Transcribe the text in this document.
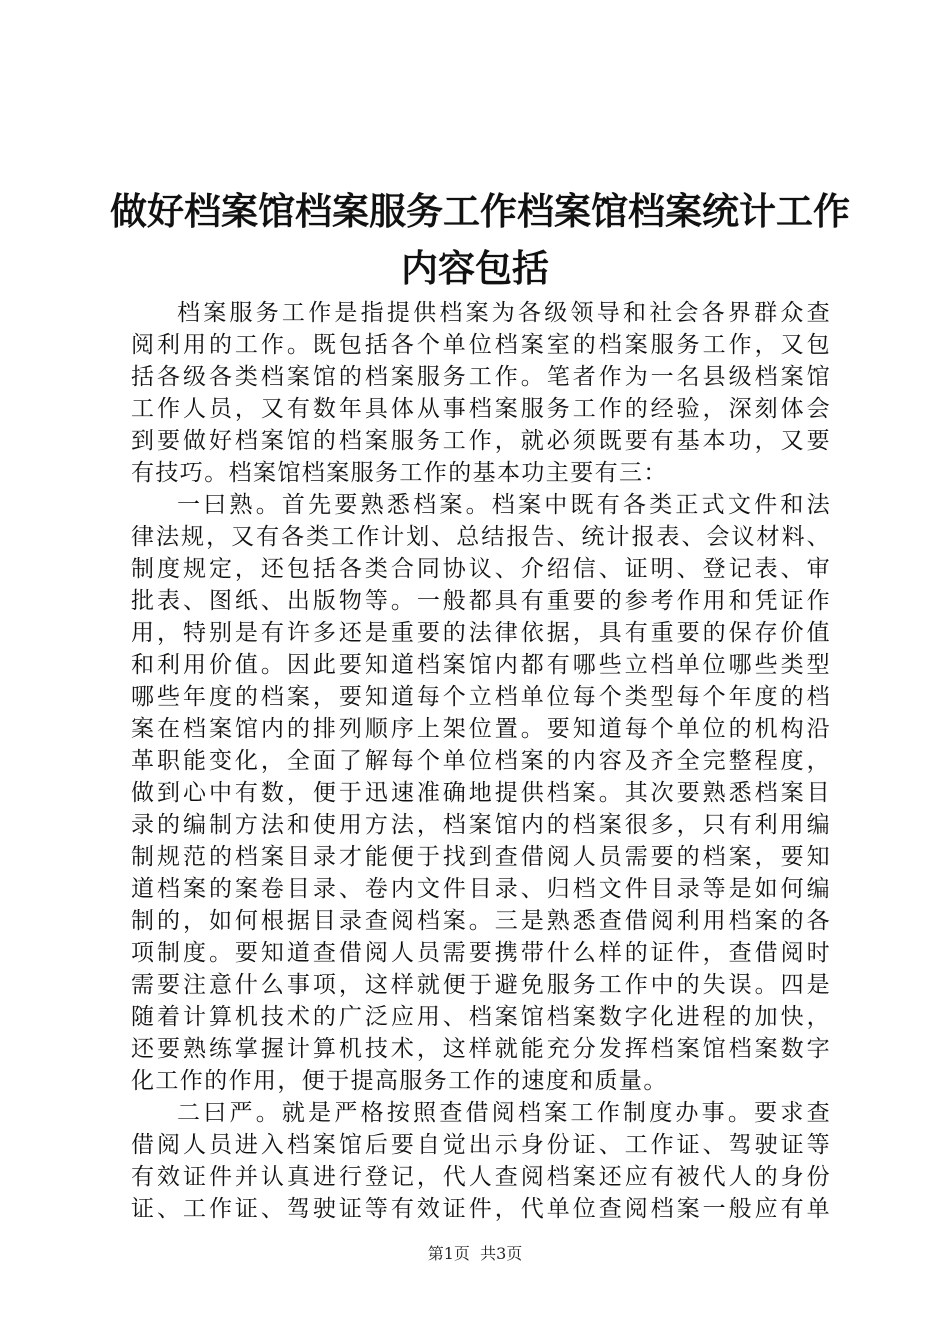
做好档案馆档案服务工作档案馆档案统计工作
内容包括
档案服务工作是指提供档案为各级领导和社会各界群众查
阅利用的工作。既包括各个单位档案室的档案服务工作，又包
括各级各类档案馆的档案服务工作。笔者作为一名县级档案馆
工作人员，又有数年具体从事档案服务工作的经验，深刻体会
到要做好档案馆的档案服务工作，就必须既要有基本功，又要
有技巧。档案馆档案服务工作的基本功主要有三：
一曰熟。首先要熟悉档案。档案中既有各类正式文件和法
律法规，又有各类工作计划、总结报告、统计报表、会议材料、
制度规定，还包括各类合同协议、介绍信、证明、登记表、审
批表、图纸、出版物等。一般都具有重要的参考作用和凭证作
用，特别是有许多还是重要的法律依据，具有重要的保存价值
和利用价值。因此要知道档案馆内都有哪些立档单位哪些类型
哪些年度的档案，要知道每个立档单位每个类型每个年度的档
案在档案馆内的排列顺序上架位置。要知道每个单位的机构沿
革职能变化，全面了解每个单位档案的内容及齐全完整程度，
做到心中有数，便于迅速准确地提供档案。其次要熟悉档案目
录的编制方法和使用方法，档案馆内的档案很多，只有利用编
制规范的档案目录才能便于找到查借阅人员需要的档案，要知
道档案的案卷目录、卷内文件目录、归档文件目录等是如何编
制的，如何根据目录查阅档案。三是熟悉查借阅利用档案的各
项制度。要知道查借阅人员需要携带什么样的证件，查借阅时
需要注意什么事项，这样就便于避免服务工作中的失误。四是
随着计算机技术的广泛应用、档案馆档案数字化进程的加快，
还要熟练掌握计算机技术，这样就能充分发挥档案馆档案数字
化工作的作用，便于提高服务工作的速度和质量。
二曰严。就是严格按照查借阅档案工作制度办事。要求查
借阅人员进入档案馆后要自觉出示身份证、工作证、驾驶证等
有效证件并认真进行登记，代人查阅档案还应有被代人的身份
证、工作证、驾驶证等有效证件，代单位查阅档案一般应有单
第1页  共3页
